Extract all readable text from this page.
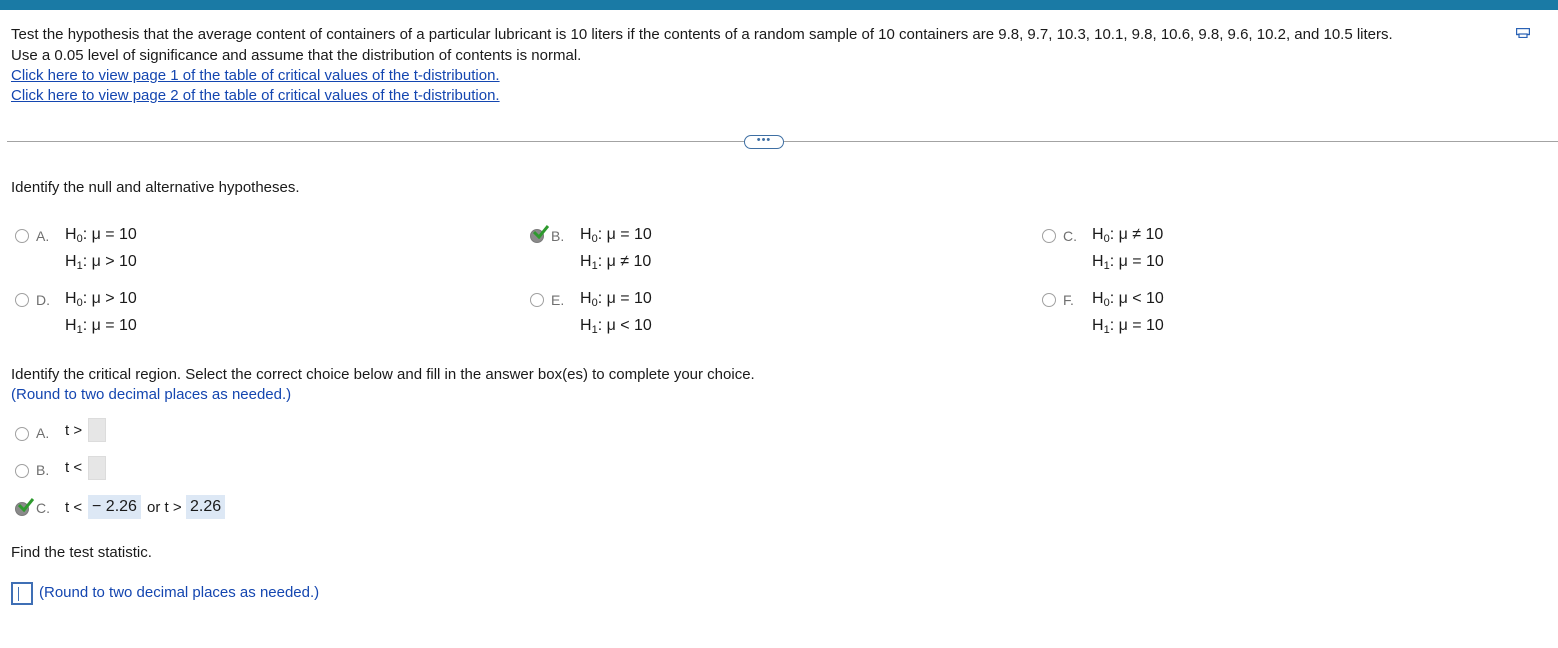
Test the hypothesis that the average content of containers of a particular lubricant is 10 liters if the contents of a random sample of 10 containers are 9.8, 9.7, 10.3, 10.1, 9.8, 10.6, 9.8, 9.6, 10.2, and 10.5 liters.
Use a 0.05 level of significance and assume that the distribution of contents is normal.
Click here to view page 1 of the table of critical values of the t-distribution.
Click here to view page 2 of the table of critical values of the t-distribution.
•••
Identify the null and alternative hypotheses.
A. $H_0$: μ = 10
$H_1$: μ > 10
B. $H_0$: μ = 10
$H_1$: μ ≠ 10
C. $H_0$: μ ≠ 10
$H_1$: μ = 10
D. $H_0$: μ > 10
$H_1$: μ = 10
E. $H_0$: μ = 10
$H_1$: μ < 10
F. $H_0$: μ < 10
$H_1$: μ = 10
Identify the critical region. Select the correct choice below and fill in the answer box(es) to complete your choice.
(Round to two decimal places as needed.)
A. t >
B. t <
C. t < − 2.26 or t > 2.26
Find the test statistic.
(Round to two decimal places as needed.)
